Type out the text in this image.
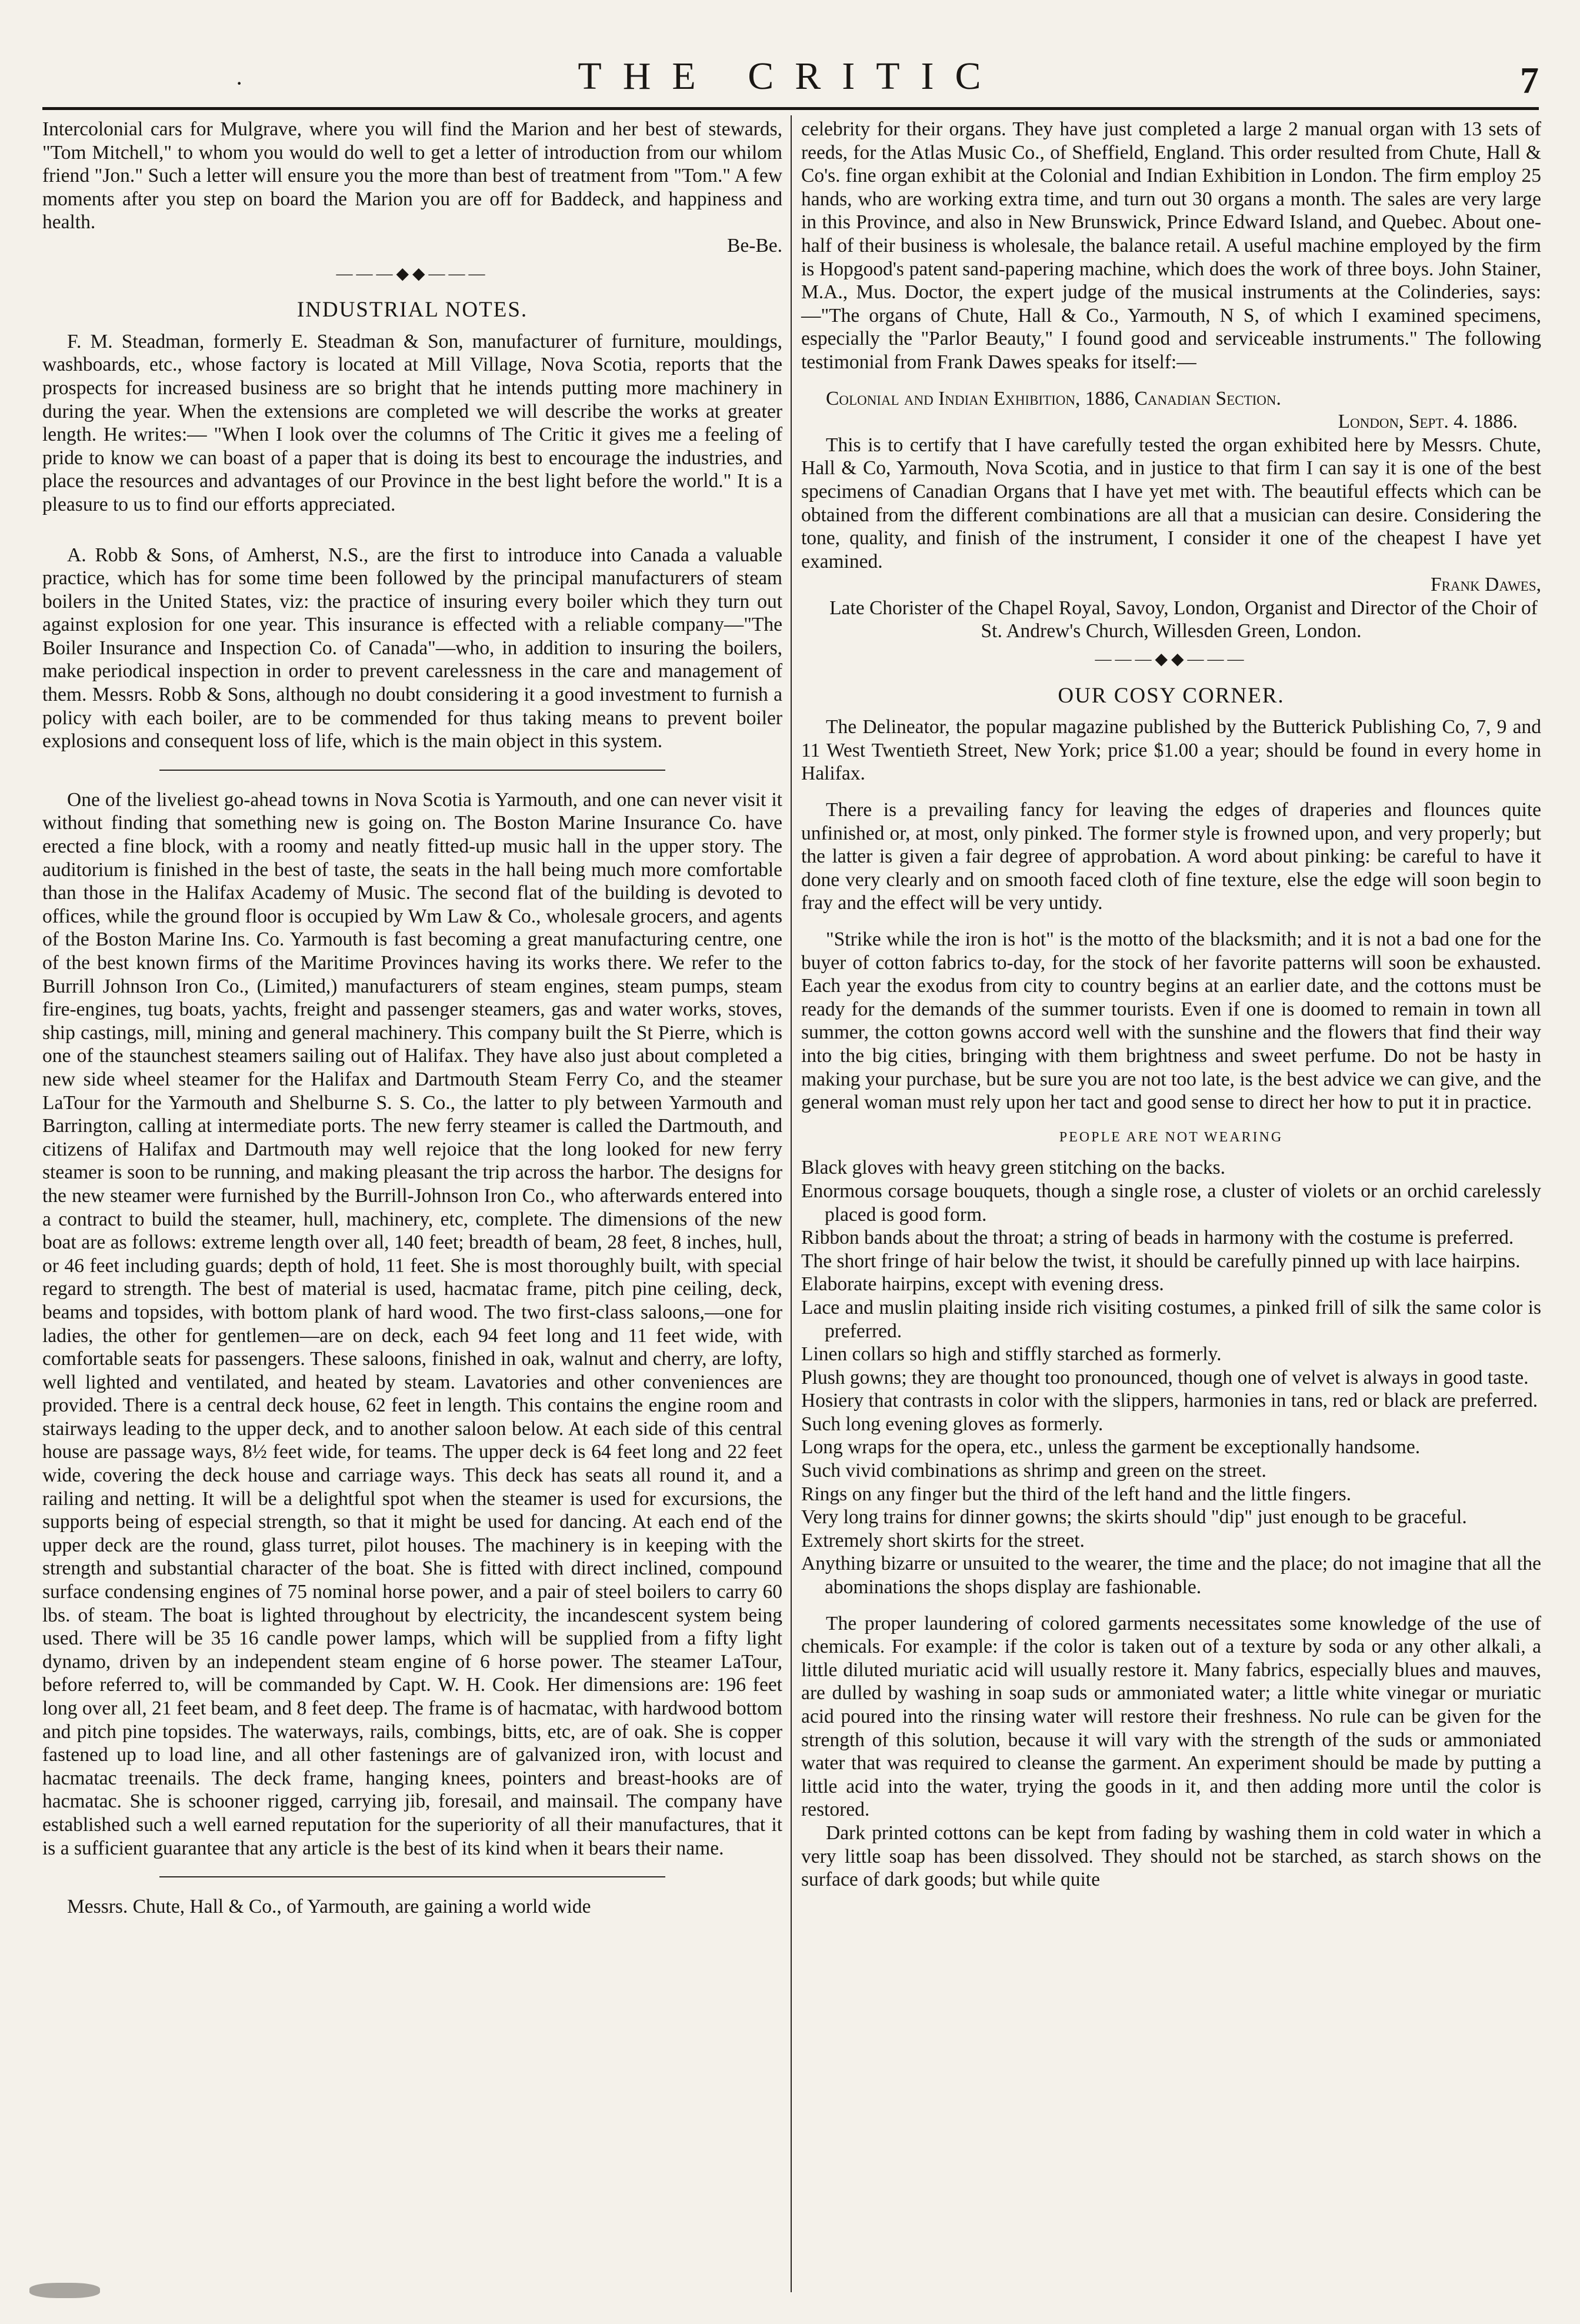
·	THE CRITIC	7

Intercolonial cars for Mulgrave, where you will find the Marion and her best of stewards, "Tom Mitchell," to whom you would do well to get a letter of introduction from our whilom friend "Jon." Such a letter will ensure you the more than best of treatment from "Tom." A few moments after you step on board the Marion you are off for Baddeck, and happiness and health.

Be-Be.

———◆◆———
INDUSTRIAL NOTES.

F. M. Steadman, formerly E. Steadman & Son, manufacturer of furniture, mouldings, washboards, etc., whose factory is located at Mill Village, Nova Scotia, reports that the prospects for increased business are so bright that he intends putting more machinery in during the year. When the extensions are completed we will describe the works at greater length. He writes:— "When I look over the columns of The Critic it gives me a feeling of pride to know we can boast of a paper that is doing its best to encourage the industries, and place the resources and advantages of our Province in the best light before the world." It is a pleasure to us to find our efforts appreciated.

A. Robb & Sons, of Amherst, N.S., are the first to introduce into Canada a valuable practice, which has for some time been followed by the principal manufacturers of steam boilers in the United States, viz: the practice of insuring every boiler which they turn out against explosion for one year. This insurance is effected with a reliable company—"The Boiler Insurance and Inspection Co. of Canada"—who, in addition to insuring the boilers, make periodical inspection in order to prevent carelessness in the care and management of them. Messrs. Robb & Sons, although no doubt considering it a good investment to furnish a policy with each boiler, are to be commended for thus taking means to prevent boiler explosions and consequent loss of life, which is the main object in this system.

One of the liveliest go-ahead towns in Nova Scotia is Yarmouth, and one can never visit it without finding that something new is going on. The Boston Marine Insurance Co. have erected a fine block, with a roomy and neatly fitted-up music hall in the upper story. The auditorium is finished in the best of taste, the seats in the hall being much more comfortable than those in the Halifax Academy of Music. The second flat of the building is devoted to offices, while the ground floor is occupied by Wm Law & Co., wholesale grocers, and agents of the Boston Marine Ins. Co. Yarmouth is fast becoming a great manufacturing centre, one of the best known firms of the Maritime Provinces having its works there. We refer to the Burrill Johnson Iron Co., (Limited,) manufacturers of steam engines, steam pumps, steam fire-engines, tug boats, yachts, freight and passenger steamers, gas and water works, stoves, ship castings, mill, mining and general machinery. This company built the St Pierre, which is one of the staunchest steamers sailing out of Halifax. They have also just about completed a new side wheel steamer for the Halifax and Dartmouth Steam Ferry Co, and the steamer LaTour for the Yarmouth and Shelburne S. S. Co., the latter to ply between Yarmouth and Barrington, calling at intermediate ports. The new ferry steamer is called the Dartmouth, and citizens of Halifax and Dartmouth may well rejoice that the long looked for new ferry steamer is soon to be running, and making pleasant the trip across the harbor. The designs for the new steamer were furnished by the Burrill-Johnson Iron Co., who afterwards entered into a contract to build the steamer, hull, machinery, etc, complete. The dimensions of the new boat are as follows: extreme length over all, 140 feet; breadth of beam, 28 feet, 8 inches, hull, or 46 feet including guards; depth of hold, 11 feet. She is most thoroughly built, with special regard to strength. The best of material is used, hacmatac frame, pitch pine ceiling, deck, beams and topsides, with bottom plank of hard wood. The two first-class saloons,—one for ladies, the other for gentlemen—are on deck, each 94 feet long and 11 feet wide, with comfortable seats for passengers. These saloons, finished in oak, walnut and cherry, are lofty, well lighted and ventilated, and heated by steam. Lavatories and other conveniences are provided. There is a central deck house, 62 feet in length. This contains the engine room and stairways leading to the upper deck, and to another saloon below. At each side of this central house are passage ways, 8½ feet wide, for teams. The upper deck is 64 feet long and 22 feet wide, covering the deck house and carriage ways. This deck has seats all round it, and a railing and netting. It will be a delightful spot when the steamer is used for excursions, the supports being of especial strength, so that it might be used for dancing. At each end of the upper deck are the round, glass turret, pilot houses. The machinery is in keeping with the strength and substantial character of the boat. She is fitted with direct inclined, compound surface condensing engines of 75 nominal horse power, and a pair of steel boilers to carry 60 lbs. of steam. The boat is lighted throughout by electricity, the incandescent system being used. There will be 35 16 candle power lamps, which will be supplied from a fifty light dynamo, driven by an independent steam engine of 6 horse power. The steamer LaTour, before referred to, will be commanded by Capt. W. H. Cook. Her dimensions are: 196 feet long over all, 21 feet beam, and 8 feet deep. The frame is of hacmatac, with hardwood bottom and pitch pine topsides. The waterways, rails, combings, bitts, etc, are of oak. She is copper fastened up to load line, and all other fastenings are of galvanized iron, with locust and hacmatac treenails. The deck frame, hanging knees, pointers and breast-hooks are of hacmatac. She is schooner rigged, carrying jib, foresail, and mainsail. The company have established such a well earned reputation for the superiority of all their manufactures, that it is a sufficient guarantee that any article is the best of its kind when it bears their name.

Messrs. Chute, Hall & Co., of Yarmouth, are gaining a world wide

celebrity for their organs. They have just completed a large 2 manual organ with 13 sets of reeds, for the Atlas Music Co., of Sheffield, England. This order resulted from Chute, Hall & Co's. fine organ exhibit at the Colonial and Indian Exhibition in London. The firm employ 25 hands, who are working extra time, and turn out 30 organs a month. The sales are very large in this Province, and also in New Brunswick, Prince Edward Island, and Quebec. About one-half of their business is wholesale, the balance retail. A useful machine employed by the firm is Hopgood's patent sand-papering machine, which does the work of three boys. John Stainer, M.A., Mus. Doctor, the expert judge of the musical instruments at the Colinderies, says:—"The organs of Chute, Hall & Co., Yarmouth, N S, of which I examined specimens, especially the "Parlor Beauty," I found good and serviceable instruments." The following testimonial from Frank Dawes speaks for itself:—

Colonial and Indian Exhibition, 1886, Canadian Section.

London, Sept. 4. 1886.

This is to certify that I have carefully tested the organ exhibited here by Messrs. Chute, Hall & Co, Yarmouth, Nova Scotia, and in justice to that firm I can say it is one of the best specimens of Canadian Organs that I have yet met with. The beautiful effects which can be obtained from the different combinations are all that a musician can desire. Considering the tone, quality, and finish of the instrument, I consider it one of the cheapest I have yet examined.

Frank Dawes,

Late Chorister of the Chapel Royal, Savoy, London, Organist and Director of the Choir of St. Andrew's Church, Willesden Green, London.

———◆◆———
OUR COSY CORNER.

The Delineator, the popular magazine published by the Butterick Publishing Co, 7, 9 and 11 West Twentieth Street, New York; price $1.00 a year; should be found in every home in Halifax.

There is a prevailing fancy for leaving the edges of draperies and flounces quite unfinished or, at most, only pinked. The former style is frowned upon, and very properly; but the latter is given a fair degree of approbation. A word about pinking: be careful to have it done very clearly and on smooth faced cloth of fine texture, else the edge will soon begin to fray and the effect will be very untidy.

"Strike while the iron is hot" is the motto of the blacksmith; and it is not a bad one for the buyer of cotton fabrics to-day, for the stock of her favorite patterns will soon be exhausted. Each year the exodus from city to country begins at an earlier date, and the cottons must be ready for the demands of the summer tourists. Even if one is doomed to remain in town all summer, the cotton gowns accord well with the sunshine and the flowers that find their way into the big cities, bringing with them brightness and sweet perfume. Do not be hasty in making your purchase, but be sure you are not too late, is the best advice we can give, and the general woman must rely upon her tact and good sense to direct her how to put it in practice.

PEOPLE ARE NOT WEARING

Black gloves with heavy green stitching on the backs.

Enormous corsage bouquets, though a single rose, a cluster of violets or an orchid carelessly placed is good form.

Ribbon bands about the throat; a string of beads in harmony with the costume is preferred.

The short fringe of hair below the twist, it should be carefully pinned up with lace hairpins.

Elaborate hairpins, except with evening dress.

Lace and muslin plaiting inside rich visiting costumes, a pinked frill of silk the same color is preferred.

Linen collars so high and stiffly starched as formerly.

Plush gowns; they are thought too pronounced, though one of velvet is always in good taste.

Hosiery that contrasts in color with the slippers, harmonies in tans, red or black are preferred.

Such long evening gloves as formerly.

Long wraps for the opera, etc., unless the garment be exceptionally handsome.

Such vivid combinations as shrimp and green on the street.

Rings on any finger but the third of the left hand and the little fingers.

Very long trains for dinner gowns; the skirts should "dip" just enough to be graceful.

Extremely short skirts for the street.

Anything bizarre or unsuited to the wearer, the time and the place; do not imagine that all the abominations the shops display are fashionable.

The proper laundering of colored garments necessitates some knowledge of the use of chemicals. For example: if the color is taken out of a texture by soda or any other alkali, a little diluted muriatic acid will usually restore it. Many fabrics, especially blues and mauves, are dulled by washing in soap suds or ammoniated water; a little white vinegar or muriatic acid poured into the rinsing water will restore their freshness. No rule can be given for the strength of this solution, because it will vary with the strength of the suds or ammoniated water that was required to cleanse the garment. An experiment should be made by putting a little acid into the water, trying the goods in it, and then adding more until the color is restored.

Dark printed cottons can be kept from fading by washing them in cold water in which a very little soap has been dissolved. They should not be starched, as starch shows on the surface of dark goods; but while quite
